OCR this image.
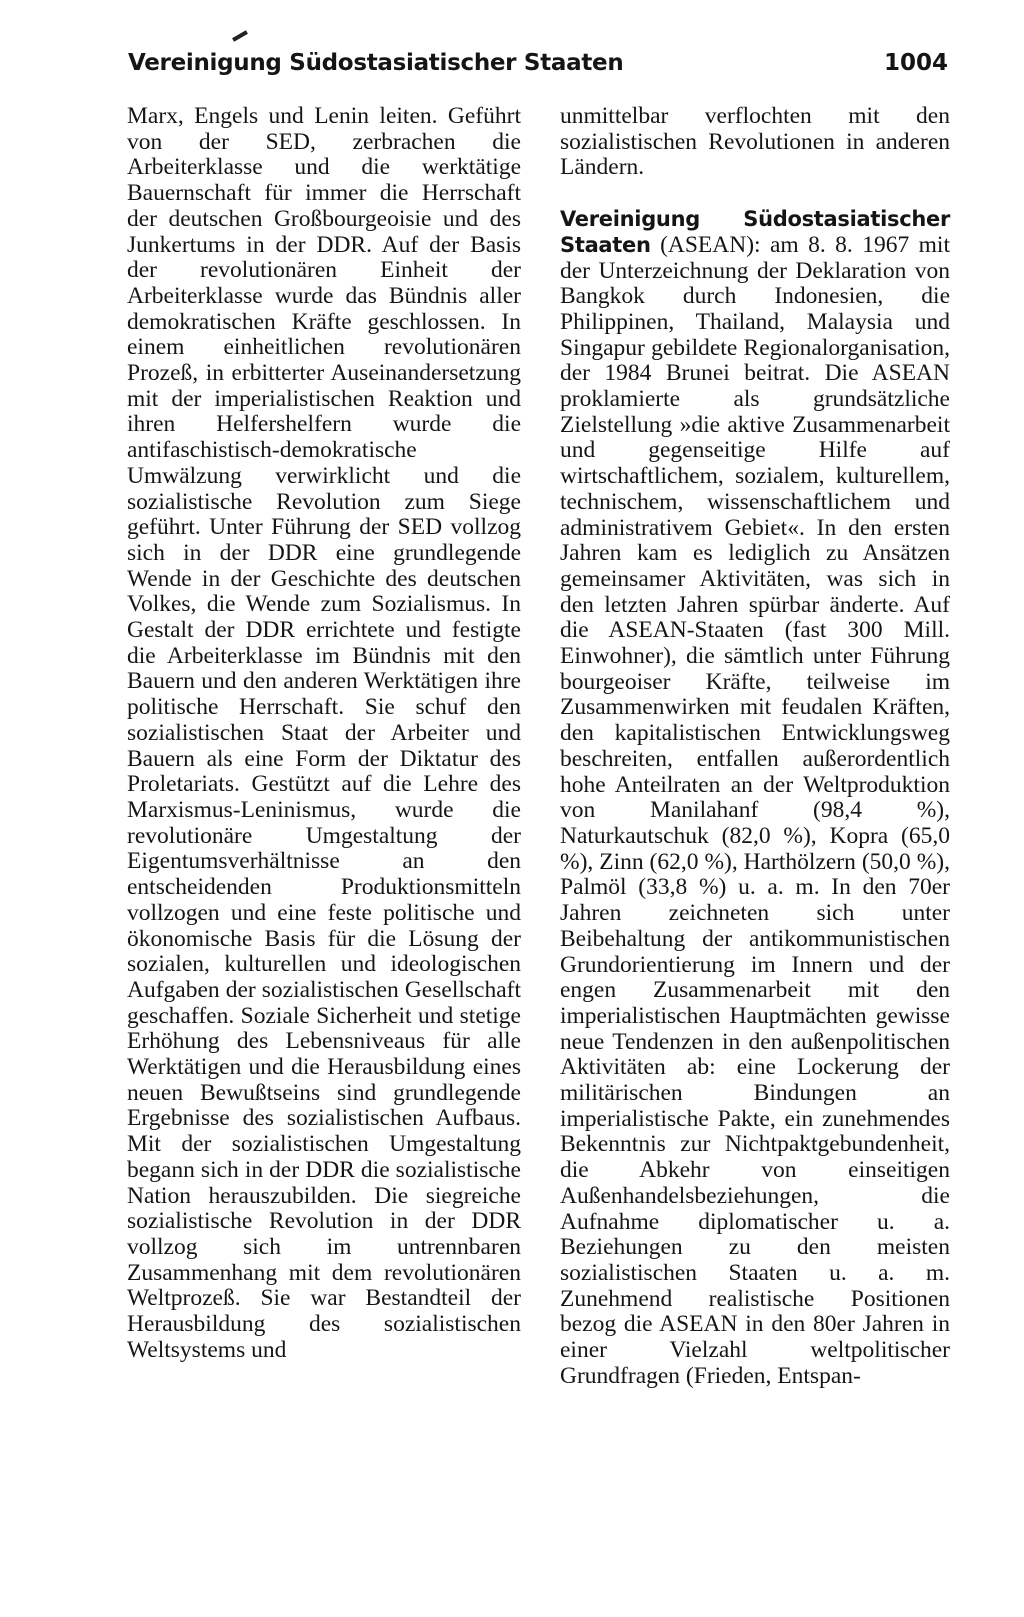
Vereinigung Südostasiatischer Staaten	1004

Marx, Engels und Lenin leiten. Geführt von der SED, zerbrachen die Arbeiterklasse und die werktätige Bauernschaft für immer die Herrschaft der deutschen Großbourgeoisie und des Junkertums in der DDR. Auf der Basis der revolutionären Einheit der Arbeiterklasse wurde das Bündnis aller demokratischen Kräfte geschlossen. In einem einheitlichen revolutionären Prozeß, in erbitterter Auseinandersetzung mit der imperialistischen Reaktion und ihren Helfershelfern wurde die antifaschistisch-demokratische Umwälzung verwirklicht und die sozialistische Revolution zum Siege geführt. Unter Führung der SED vollzog sich in der DDR eine grundlegende Wende in der Geschichte des deutschen Volkes, die Wende zum Sozialismus. In Gestalt der DDR errichtete und festigte die Arbeiterklasse im Bündnis mit den Bauern und den anderen Werktätigen ihre politische Herrschaft. Sie schuf den sozialistischen Staat der Arbeiter und Bauern als eine Form der Diktatur des Proletariats. Gestützt auf die Lehre des Marxismus-Leninismus, wurde die revolutionäre Umgestaltung der Eigentumsverhältnisse an den entscheidenden Produktionsmitteln vollzogen und eine feste politische und ökonomische Basis für die Lösung der sozialen, kulturellen und ideologischen Aufgaben der sozialistischen Gesellschaft geschaffen. Soziale Sicherheit und stetige Erhöhung des Lebensniveaus für alle Werktätigen und die Herausbildung eines neuen Bewußtseins sind grundlegende Ergebnisse des sozialistischen Aufbaus. Mit der sozialistischen Umgestaltung begann sich in der DDR die sozialistische Nation herauszubilden. Die siegreiche sozialistische Revolution in der DDR vollzog sich im untrennbaren Zusammenhang mit dem revolutionären Weltprozeß. Sie war Bestandteil der Herausbildung des sozialistischen Weltsystems und

unmittelbar verflochten mit den sozialistischen Revolutionen in anderen Ländern.

Vereinigung Südostasiatischer Staaten (ASEAN): am 8. 8. 1967 mit der Unterzeichnung der Deklaration von Bangkok durch Indonesien, die Philippinen, Thailand, Malaysia und Singapur gebildete Regionalorganisation, der 1984 Brunei beitrat. Die ASEAN proklamierte als grundsätzliche Zielstellung »die aktive Zusammenarbeit und gegenseitige Hilfe auf wirtschaftlichem, sozialem, kulturellem, technischem, wissenschaftlichem und administrativem Gebiet«. In den ersten Jahren kam es lediglich zu Ansätzen gemeinsamer Aktivitäten, was sich in den letzten Jahren spürbar änderte. Auf die ASEAN-Staaten (fast 300 Mill. Einwohner), die sämtlich unter Führung bourgeoiser Kräfte, teilweise im Zusammenwirken mit feudalen Kräften, den kapitalistischen Entwicklungsweg beschreiten, entfallen außerordentlich hohe Anteilraten an der Weltproduktion von Manilahanf (98,4 %), Naturkautschuk (82,0 %), Kopra (65,0 %), Zinn (62,0 %), Harthölzern (50,0 %), Palmöl (33,8 %) u. a. m. In den 70er Jahren zeichneten sich unter Beibehaltung der antikommunistischen Grundorientierung im Innern und der engen Zusammenarbeit mit den imperialistischen Hauptmächten gewisse neue Tendenzen in den außenpolitischen Aktivitäten ab: eine Lockerung der militärischen Bindungen an imperialistische Pakte, ein zunehmendes Bekenntnis zur Nichtpaktgebundenheit, die Abkehr von einseitigen Außenhandelsbeziehungen, die Aufnahme diplomatischer u. a. Beziehungen zu den meisten sozialistischen Staaten u. a. m. Zunehmend realistische Positionen bezog die ASEAN in den 80er Jahren in einer Vielzahl weltpolitischer Grundfragen (Frieden, Entspan-
